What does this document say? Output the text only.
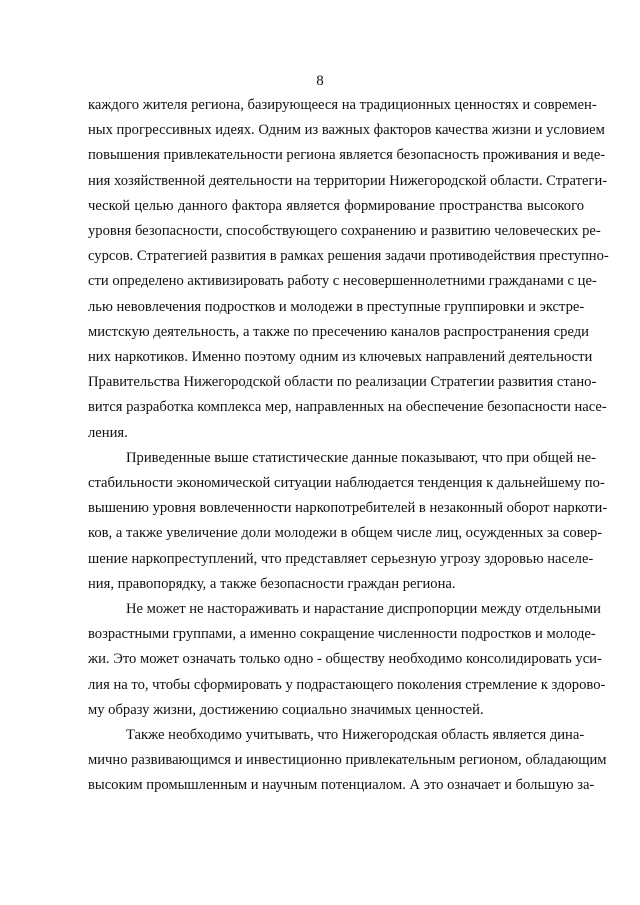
8

каждого жителя региона, базирующееся на традиционных ценностях и современ-
ных прогрессивных идеях. Одним из важных факторов качества жизни и условием
повышения привлекательности региона является безопасность проживания и веде-
ния хозяйственной деятельности на территории Нижегородской области. Стратеги-
ческой целью данного фактора является формирование пространства высокого
уровня безопасности, способствующего сохранению и развитию человеческих ре-
сурсов. Стратегией развития в рамках решения задачи противодействия преступно-
сти определено активизировать работу с несовершеннолетними гражданами с це-
лью невовлечения подростков и молодежи в преступные группировки и экстре-
мистскую деятельность, а также по пресечению каналов распространения среди
них наркотиков. Именно поэтому одним из ключевых направлений деятельности
Правительства Нижегородской области по реализации Стратегии развития стано-
вится разработка комплекса мер, направленных на обеспечение безопасности насе-
ления.

Приведенные выше статистические данные показывают, что при общей не-
стабильности экономической ситуации наблюдается тенденция к дальнейшему по-
вышению уровня вовлеченности наркопотребителей в незаконный оборот наркоти-
ков, а также увеличение доли молодежи в общем числе лиц, осужденных за совер-
шение наркопреступлений, что представляет серьезную угрозу здоровью населе-
ния, правопорядку, а также безопасности граждан региона.

Не может не настораживать и нарастание диспропорции между отдельными
возрастными группами, а именно сокращение численности подростков и молоде-
жи. Это может означать только одно - обществу необходимо консолидировать уси-
лия на то, чтобы сформировать у подрастающего поколения стремление к здорово-
му образу жизни, достижению социально значимых ценностей.

Также необходимо учитывать, что Нижегородская область является дина-
мично развивающимся и инвестиционно привлекательным регионом, обладающим
высоким промышленным и научным потенциалом. А это означает и большую за-
